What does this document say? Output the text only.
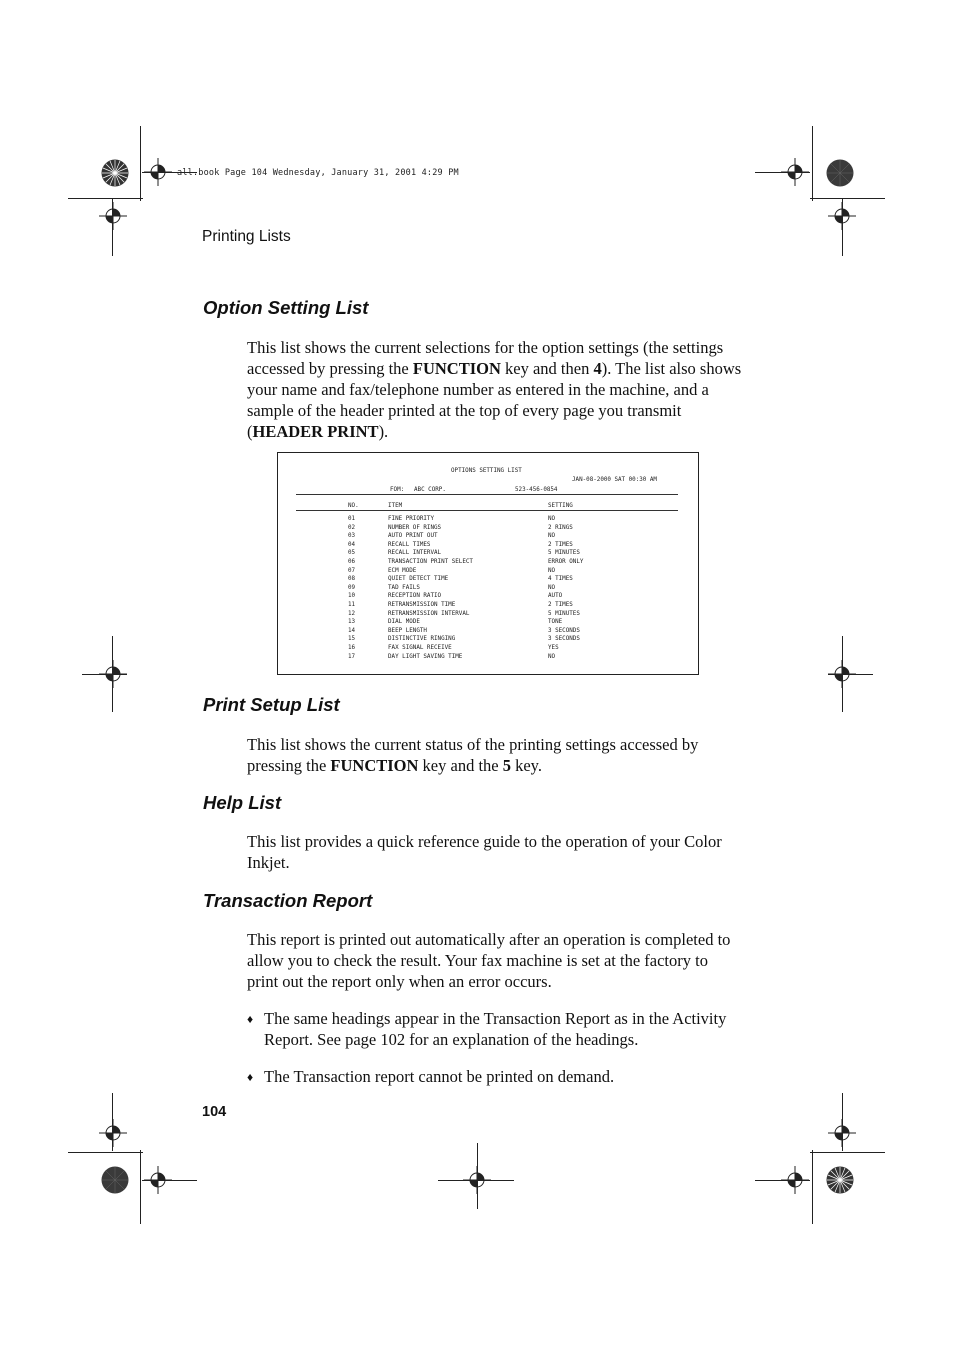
all.book Page 104 Wednesday, January 31, 2001 4:29 PM
Printing Lists
Option Setting List

This list shows the current selections for the option settings (the settings accessed by pressing the FUNCTION key and then 4). The list also shows your name and fax/telephone number as entered in the machine, and a sample of the header printed at the top of every page you transmit (HEADER PRINT).

OPTIONS SETTING LIST
JAN-08-2000 SAT 00:30 AM
FOM: ABC CORP.	523-456-0854
NO.	ITEM	SETTING
01	FINE PRIORITY	NO
02	NUMBER OF RINGS	2 RINGS
03	AUTO PRINT OUT	NO
04	RECALL TIMES	2 TIMES
05	RECALL INTERVAL	5 MINUTES
06	TRANSACTION PRINT SELECT	ERROR ONLY
07	ECM MODE	NO
08	QUIET DETECT TIME	4 TIMES
09	TAD FAILS	NO
10	RECEPTION RATIO	AUTO
11	RETRANSMISSION TIME	2 TIMES
12	RETRANSMISSION INTERVAL	5 MINUTES
13	DIAL MODE	TONE
14	BEEP LENGTH	3 SECONDS
15	DISTINCTIVE RINGING	3 SECONDS
16	FAX SIGNAL RECEIVE	YES
17	DAY LIGHT SAVING TIME	NO
Print Setup List

This list shows the current status of the printing settings accessed by pressing the FUNCTION key and the 5 key.

Help List

This list provides a quick reference guide to the operation of your Color Inkjet.

Transaction Report

This report is printed out automatically after an operation is completed to allow you to check the result. Your fax machine is set at the factory to print out the report only when an error occurs.

♦ The same headings appear in the Transaction Report as in the Activity Report. See page 102 for an explanation of the headings.

♦ The Transaction report cannot be printed on demand.

104
